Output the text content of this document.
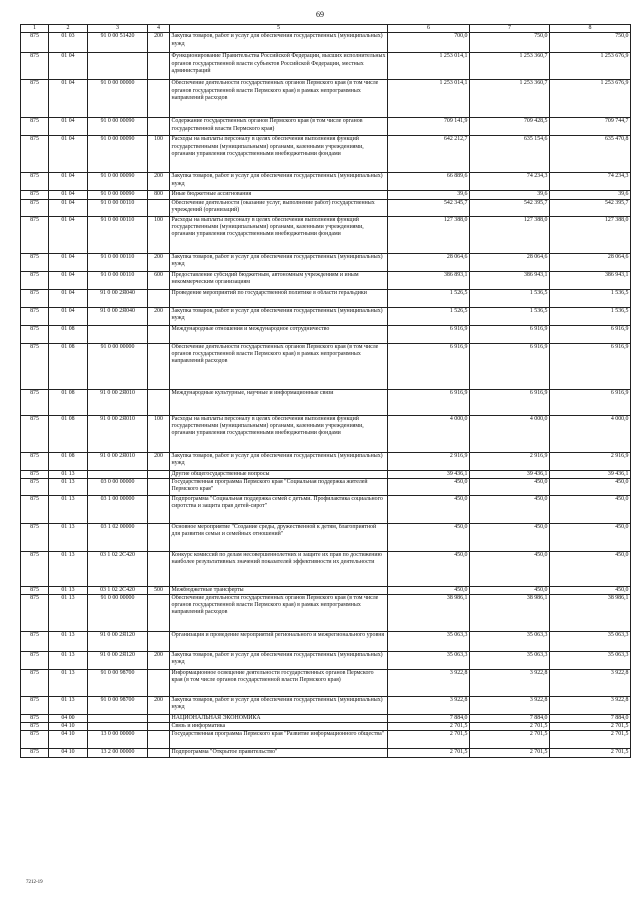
69
1	2	3	4	5	6	7	8
875	01 03	91 0 00 51420	200	Закупка товаров, работ и услуг для обеспечения государственных (муниципальных) нужд	700,0	750,0	750,0
875	01 04			Функционирование Правительства Российской Федерации, высших исполнительных органов государственной власти субъектов Российской Федерации, местных администраций	1 253 014,1	1 253 360,7	1 253 676,9
875	01 04	91 0 00 00000		Обеспечение деятельности государственных органов Пермского края (в том числе органов государственной власти Пермского края) в рамках непрограммных направлений расходов	1 253 014,1	1 253 360,7	1 253 676,9
875	01 04	91 0 00 00090		Содержание государственных органов Пермского края (в том числе органов государственной власти Пермского края)	709 141,9	709 428,5	709 744,7
875	01 04	91 0 00 00090	100	Расходы на выплаты персоналу в целях обеспечения выполнения функций государственными (муниципальными) органами, казенными учреждениями, органами управления государственными внебюджетными фондами	642 212,7	635 154,6	635 470,8
875	01 04	91 0 00 00090	200	Закупка товаров, работ и услуг для обеспечения государственных (муниципальных) нужд	66 889,6	74 234,3	74 234,3
875	01 04	91 0 00 00090	800	Иные бюджетные ассигнования	39,6	39,6	39,6
875	01 04	91 0 00 00110		Обеспечение деятельности (оказание услуг, выполнение работ) государственных учреждений (организаций)	542 345,7	542 395,7	542 395,7
875	01 04	91 0 00 00110	100	Расходы на выплаты персоналу в целях обеспечения выполнения функций государственными (муниципальными) органами, казенными учреждениями, органами управления государственными внебюджетными фондами	127 388,0	127 388,0	127 388,0
875	01 04	91 0 00 00110	200	Закупка товаров, работ и услуг для обеспечения государственных (муниципальных) нужд	28 064,6	28 064,6	28 064,6
875	01 04	91 0 00 00110	600	Предоставление субсидий бюджетным, автономным учреждениям и иным некоммерческим организациям	386 893,1	386 943,1	386 943,1
875	01 04	91 0 00 2Я040		Проведение мероприятий по государственной политике в области геральдики	1 526,5	1 536,5	1 536,5
875	01 04	91 0 00 2Я040	200	Закупка товаров, работ и услуг для обеспечения государственных (муниципальных) нужд	1 526,5	1 536,5	1 536,5
875	01 08			Международные отношения и международное сотрудничество	6 916,9	6 916,9	6 916,9
875	01 08	91 0 00 00000		Обеспечение деятельности государственных органов Пермского края (в том числе органов государственной власти Пермского края) в рамках непрограммных направлений расходов	6 916,9	6 916,9	6 916,9
875	01 08	91 0 00 2Я010		Международные культурные, научные и информационные связи	6 916,9	6 916,9	6 916,9
875	01 08	91 0 00 2Я010	100	Расходы на выплаты персоналу в целях обеспечения выполнения функций государственными (муниципальными) органами, казенными учреждениями, органами управления государственными внебюджетными фондами	4 000,0	4 000,0	4 000,0
875	01 08	91 0 00 2Я010	200	Закупка товаров, работ и услуг для обеспечения государственных (муниципальных) нужд	2 916,9	2 916,9	2 916,9
875	01 13			Другие общегосударственные вопросы	39 436,1	39 436,1	39 436,1
875	01 13	03 0 00 00000		Государственная программа Пермского края "Социальная поддержка жителей Пермского края"	450,0	450,0	450,0
875	01 13	03 1 00 00000		Подпрограмма "Социальная поддержка семей с детьми. Профилактика социального сиротства и защита прав детей-сирот"	450,0	450,0	450,0
875	01 13	03 1 02 00000		Основное мероприятие "Создание среды, дружественной к детям, благоприятной для развития семьи и семейных отношений"	450,0	450,0	450,0
875	01 13	03 1 02 2С420		Конкурс комиссий по делам несовершеннолетних и защите их прав по достижению наиболее результативных значений показателей эффективности их деятельности	450,0	450,0	450,0
875	01 13	03 1 02 2С420	500	Межбюджетные трансферты	450,0	450,0	450,0
875	01 13	91 0 00 00000		Обеспечение деятельности государственных органов Пермского края (в том числе органов государственной власти Пермского края) в рамках непрограммных направлений расходов	38 986,1	38 986,1	38 986,1
875	01 13	91 0 00 2Я120		Организация и проведение мероприятий регионального и межрегионального уровня	35 063,3	35 063,3	35 063,3
875	01 13	91 0 00 2Я120	200	Закупка товаров, работ и услуг для обеспечения государственных (муниципальных) нужд	35 063,3	35 063,3	35 063,3
875	01 13	91 0 00 98700		Информационное освещение деятельности государственных органов Пермского края (в том числе органов государственной власти Пермского края)	3 922,8	3 922,8	3 922,8
875	01 13	91 0 00 98700	200	Закупка товаров, работ и услуг для обеспечения государственных (муниципальных) нужд	3 922,8	3 922,8	3 922,8
875	04 00			НАЦИОНАЛЬНАЯ ЭКОНОМИКА	7 884,0	7 884,0	7 884,0
875	04 10			Связь и информатика	2 701,5	2 701,5	2 701,5
875	04 10	13 0 00 00000		Государственная программа Пермского края "Развитие информационного общества"	2 701,5	2 701,5	2 701,5
875	04 10	13 2 00 00000		Подпрограмма "Открытое правительство"	2 701,5	2 701,5	2 701,5
7212-19
